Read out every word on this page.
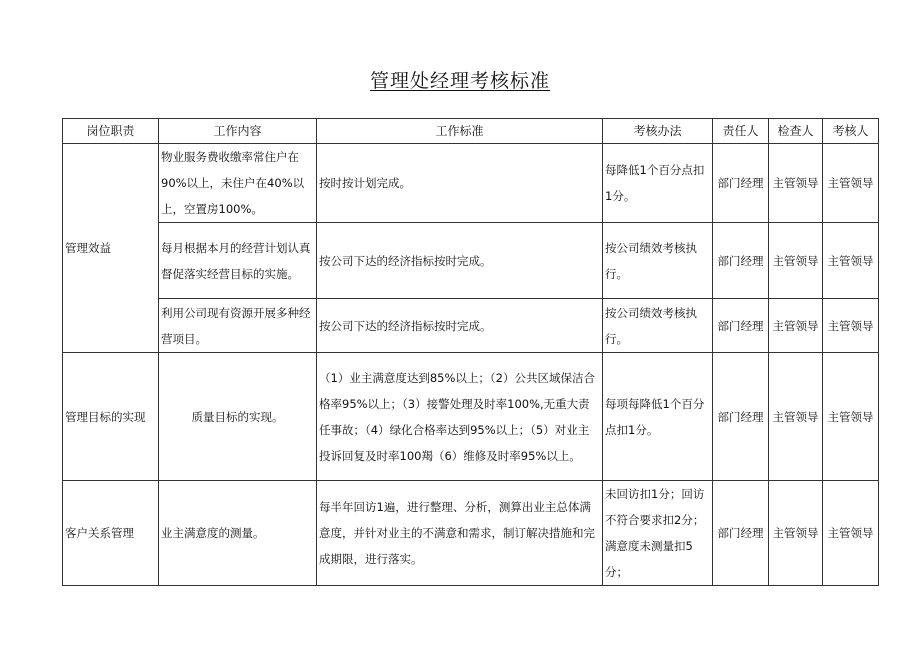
管理处经理考核标准
岗位职责	工作内容	工作标准	考核办法	责任人	检查人	考核人
管理效益	物业服务费收缴率常住户在90%以上，未住户在40%以上，空置房100%。	按时按计划完成。	每降低1个百分点扣1分。	部门经理	主管领导	主管领导
	每月根据本月的经营计划认真督促落实经营目标的实施。	按公司下达的经济指标按时完成。	按公司绩效考核执行。	部门经理	主管领导	主管领导
	利用公司现有资源开展多种经营项目。	按公司下达的经济指标按时完成。	按公司绩效考核执行。	部门经理	主管领导	主管领导
管理目标的实现	质量目标的实现。	（1）业主满意度达到85%以上；（2）公共区域保洁合格率95%以上；（3）接警处理及时率100%,无重大责任事故；（4）绿化合格率达到95%以上；（5）对业主投诉回复及时率100羯（6）维修及时率95%以上。	每项每降低1个百分点扣1分。	部门经理	主管领导	主管领导
客户关系管理	业主满意度的测量。	每半年回访1遍，进行整理、分析，测算出业主总体满意度，并针对业主的不满意和需求，制订解决措施和完成期限，进行落实。	未回访扣1分；回访不符合要求扣2分；满意度未测量扣5分；	部门经理	主管领导	主管领导
